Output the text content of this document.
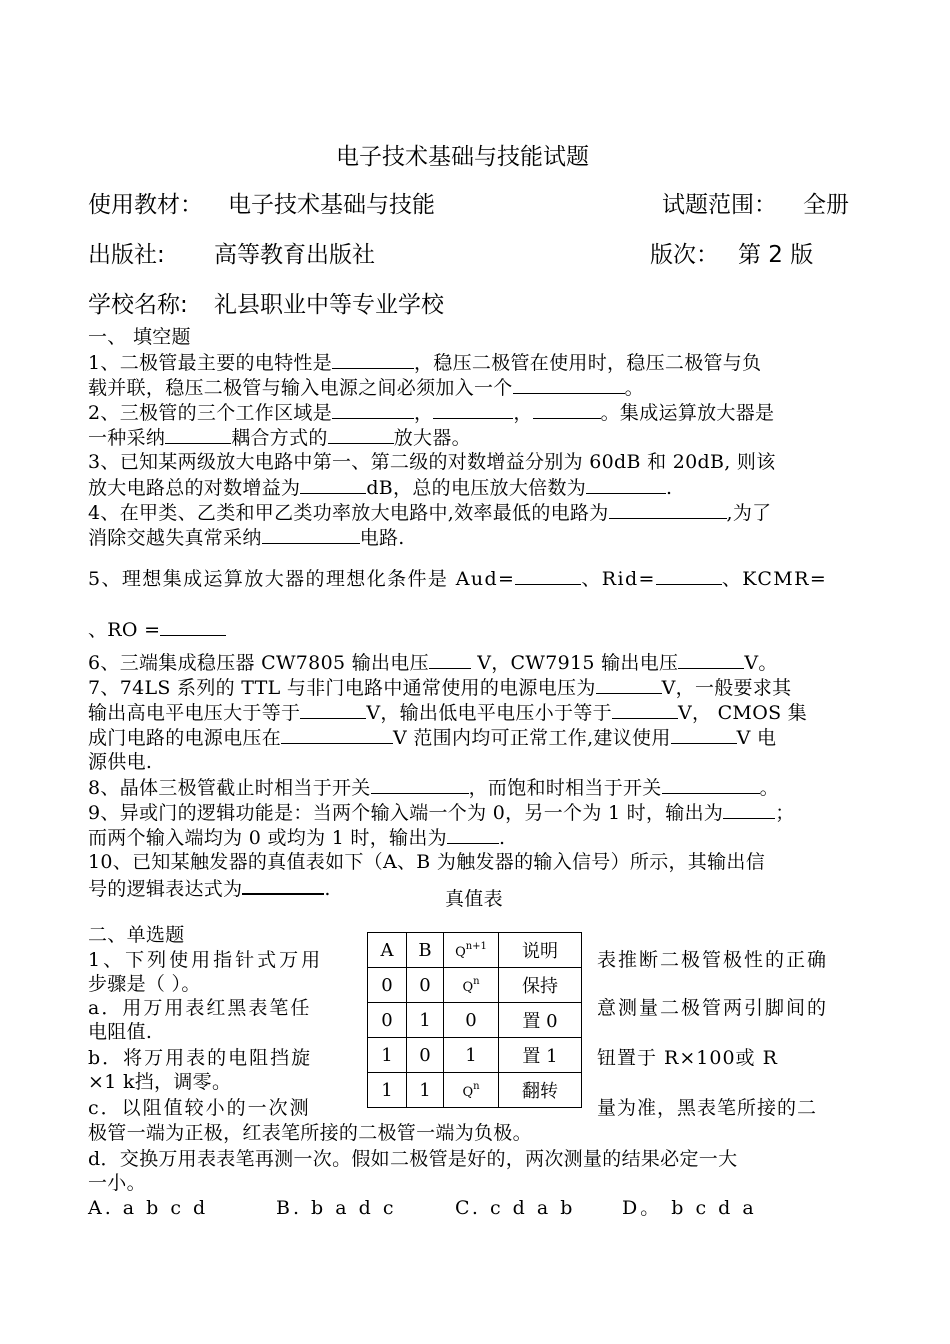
电子技术基础与技能试题
使用教材： 电子技术基础与技能	试题范围： 全册
出版社: 高等教育出版社	版次： 第 2 版
学校名称: 礼县职业中等专业学校
一、 填空题
1、二极管最主要的电特性是	，稳压二极管在使用时，稳压二极管与负
载并联，稳压二极管与输入电源之间必须加入一个	。
2、三极管的三个工作区域是	，	，	。集成运算放大器是
一种采纳	耦合方式的	放大器。
3、已知某两级放大电路中第一、第二级的对数增益分别为 60dB 和 20dB, 则该
放大电路总的对数增益为	dB，总的电压放大倍数为	.
4、在甲类、乙类和甲乙类功率放大电路中,效率最低的电路为	,为了
消除交越失真常采纳	电路.
5、理想集成运算放大器的理想化条件是 Aud=	、Rid=	、KCMR=
、RO =
6、三端集成稳压器 CW7805 输出电压 V，CW7915 输出电压	V。
7、74LS 系列的 TTL 与非门电路中通常使用的电源电压为	V，一般要求其
输出高电平电压大于等于	V，输出低电平电压小于等于	V， CMOS 集
成门电路的电源电压在	V 范围内均可正常工作,建议使用	V 电
源供电.
8、晶体三极管截止时相当于开关	，而饱和时相当于开关	。
9、异或门的逻辑功能是：当两个输入端一个为 0，另一个为 1 时，输出为	；
而两个输入端均为 0 或均为 1 时，输出为	.
10、已知某触发器的真值表如下（A、B 为触发器的输入信号）所示，其输出信
号的逻辑表达式为	.	真值表
二、单选题
A	B	$Q^{n+1}$	说明
0	0	$Q^n$	保持
0	1	0	置 0
1	0	1	置 1
1	1	$Q^n$	翻转
1、下列使用指针式万用
步骤是（ ）。
a．用万用表红黑表笔任
电阻值.
b．将万用表的电阻挡旋
×1 k挡，调零。
c．以阻值较小的一次测
表推断二极管极性的正确
意测量二极管两引脚间的
钮置于 R×100或 R
量为准，黑表笔所接的二
极管一端为正极，红表笔所接的二极管一端为负极。
d．交换万用表表笔再测一次。假如二极管是好的，两次测量的结果必定一大
一小。
A. a b c d	B. b a d c	C. c d a b D。 b c d a
